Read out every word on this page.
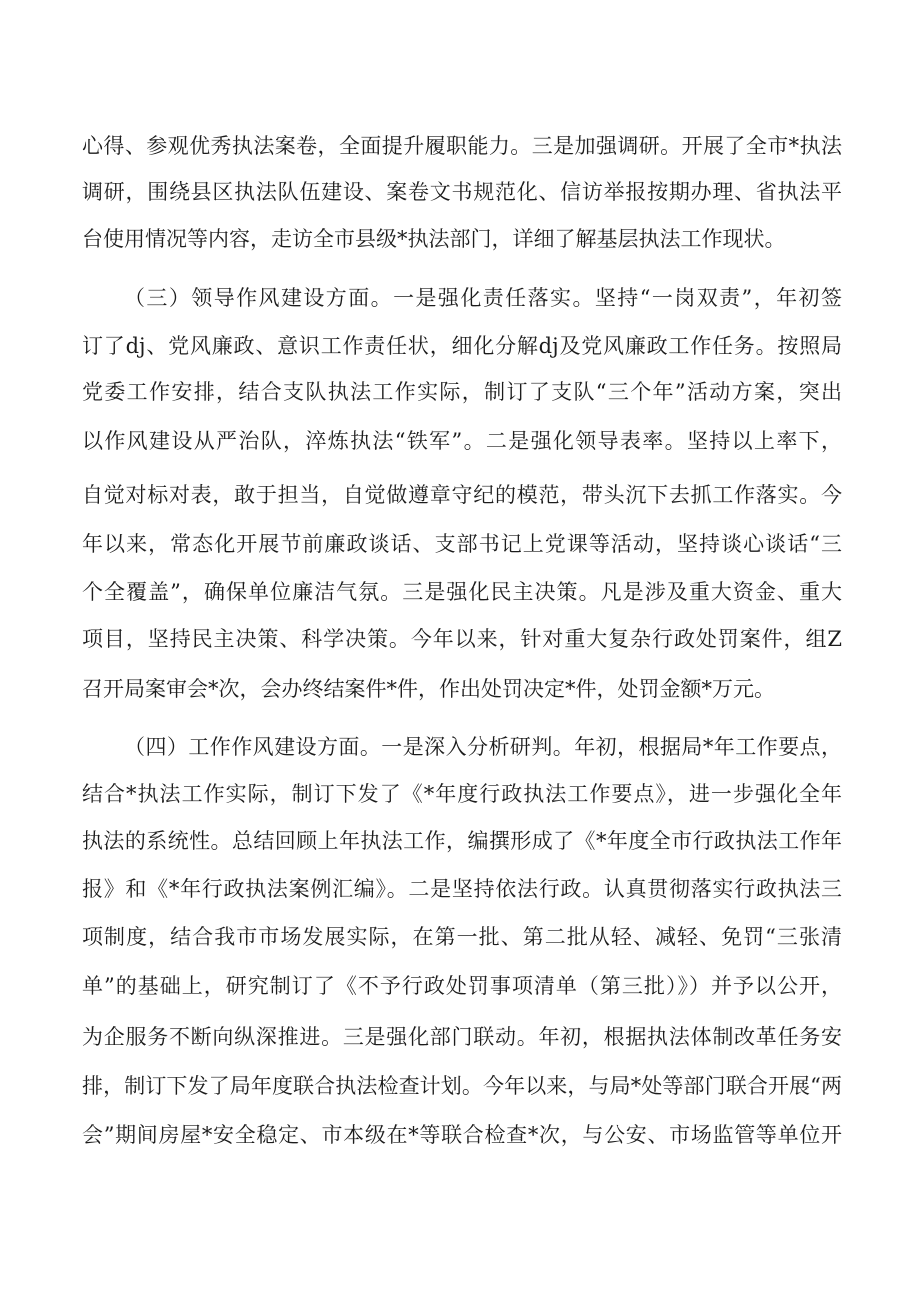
心得、参观优秀执法案卷，全面提升履职能力。三是加强调研。开展了全市*执法
调研，围绕县区执法队伍建设、案卷文书规范化、信访举报按期办理、省执法平
台使用情况等内容，走访全市县级*执法部门，详细了解基层执法工作现状。
（三）领导作风建设方面。一是强化责任落实。坚持“一岗双责”，年初签
订了dj、党风廉政、意识工作责任状，细化分解dj及党风廉政工作任务。按照局
党委工作安排，结合支队执法工作实际，制订了支队“三个年”活动方案，突出
以作风建设从严治队，淬炼执法“铁军”。二是强化领导表率。坚持以上率下，
自觉对标对表，敢于担当，自觉做遵章守纪的模范，带头沉下去抓工作落实。今
年以来，常态化开展节前廉政谈话、支部书记上党课等活动，坚持谈心谈话“三
个全覆盖”，确保单位廉洁气氛。三是强化民主决策。凡是涉及重大资金、重大
项目，坚持民主决策、科学决策。今年以来，针对重大复杂行政处罚案件，组Z
召开局案审会*次，会办终结案件*件，作出处罚决定*件，处罚金额*万元。
（四）工作作风建设方面。一是深入分析研判。年初，根据局*年工作要点，
结合*执法工作实际，制订下发了《*年度行政执法工作要点》，进一步强化全年
执法的系统性。总结回顾上年执法工作，编撰形成了《*年度全市行政执法工作年
报》和《*年行政执法案例汇编》。二是坚持依法行政。认真贯彻落实行政执法三
项制度，结合我市市场发展实际，在第一批、第二批从轻、减轻、免罚“三张清
单”的基础上，研究制订了《不予行政处罚事项清单（第三批）》）并予以公开，
为企服务不断向纵深推进。三是强化部门联动。年初，根据执法体制改革任务安
排，制订下发了局年度联合执法检查计划。今年以来，与局*处等部门联合开展“两
会”期间房屋*安全稳定、市本级在*等联合检查*次，与公安、市场监管等单位开
